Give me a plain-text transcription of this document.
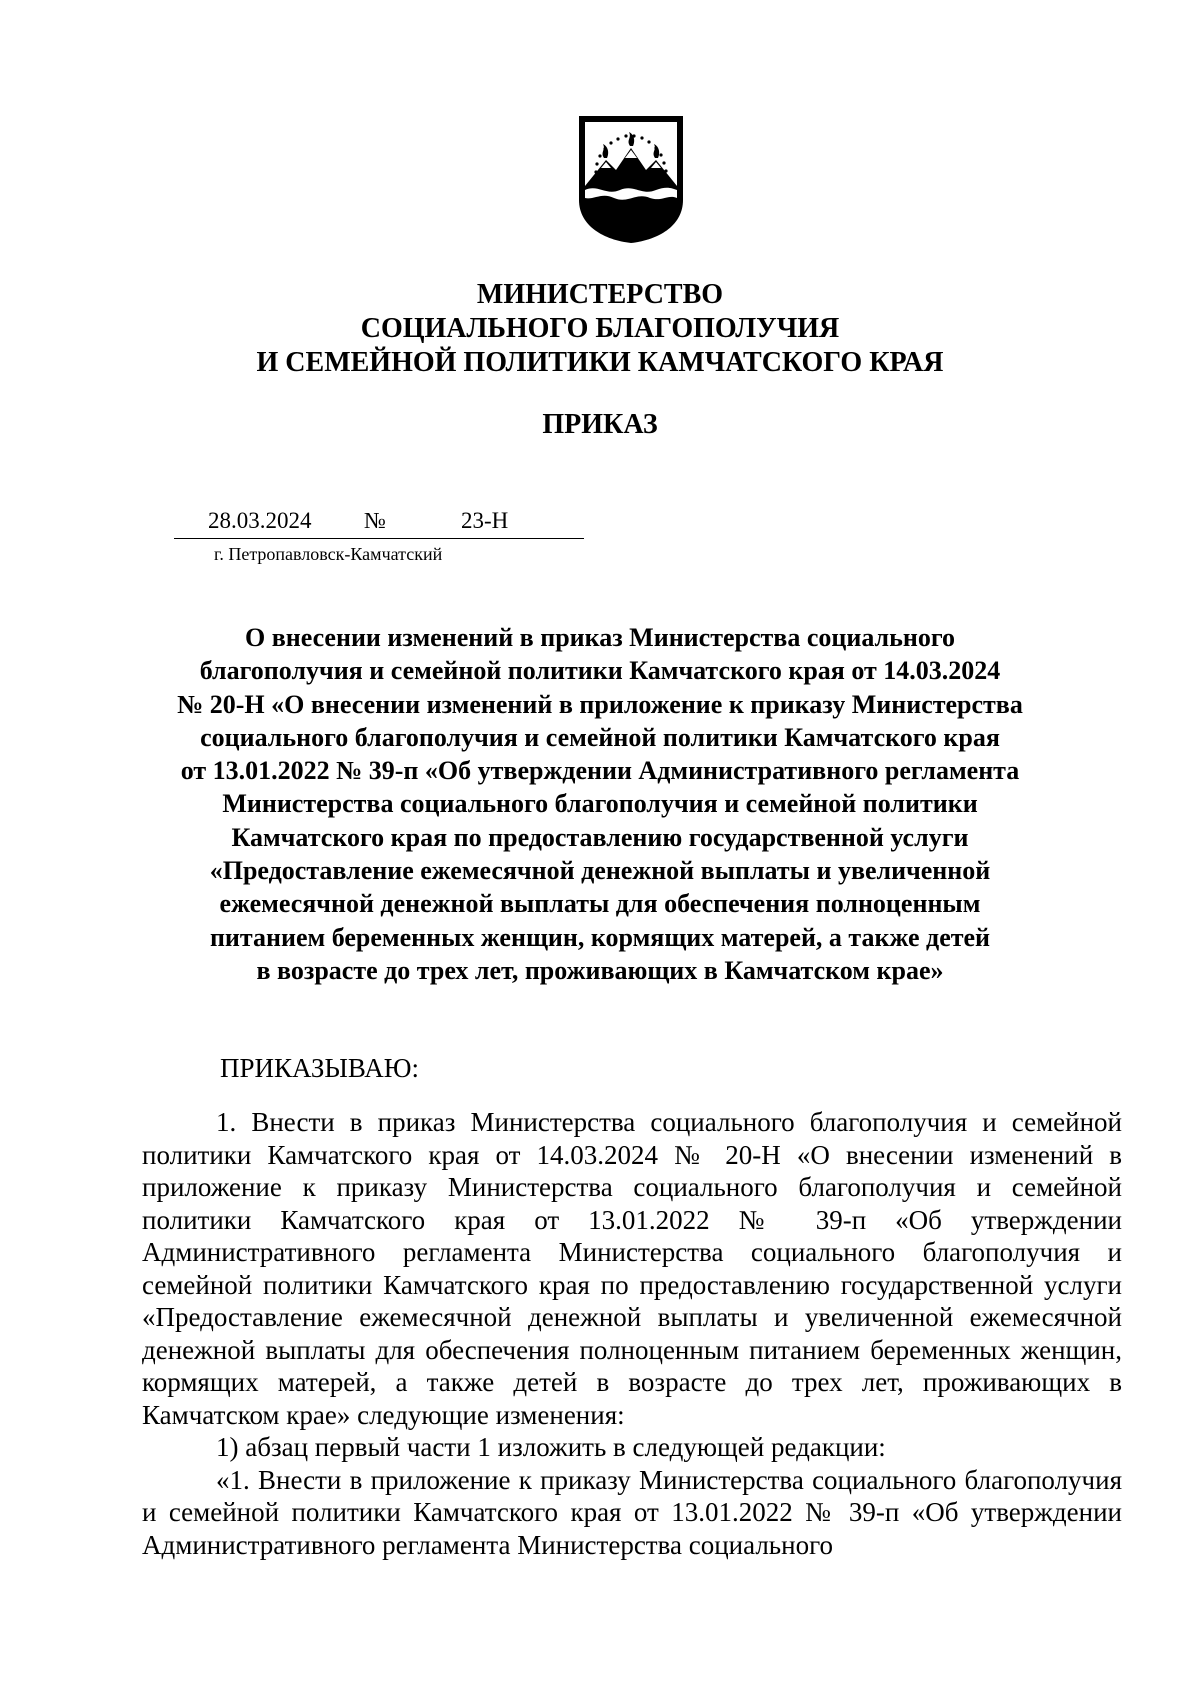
МИНИСТЕРСТВО
СОЦИАЛЬНОГО БЛАГОПОЛУЧИЯ
И СЕМЕЙНОЙ ПОЛИТИКИ КАМЧАТСКОГО КРАЯ
ПРИКАЗ
28.03.2024 №	23-Н
г. Петропавловск-Камчатский
О внесении изменений в приказ Министерства социального
благополучия и семейной политики Камчатского края от 14.03.2024
№ 20-Н «О внесении изменений в приложение к приказу Министерства
социального благополучия и семейной политики Камчатского края
от 13.01.2022 № 39-п «Об утверждении Административного регламента
Министерства социального благополучия и семейной политики
Камчатского края по предоставлению государственной услуги
«Предоставление ежемесячной денежной выплаты и увеличенной
ежемесячной денежной выплаты для обеспечения полноценным
питанием беременных женщин, кормящих матерей, а также детей
в возрасте до трех лет, проживающих в Камчатском крае»
ПРИКАЗЫВАЮ:

1. Внести в приказ Министерства социального благополучия и семейной политики Камчатского края от 14.03.2024 № 20-Н «О внесении изменений в приложение к приказу Министерства социального благополучия и семейной политики Камчатского края от 13.01.2022 № 39-п «Об утверждении Административного регламента Министерства социального благополучия и семейной политики Камчатского края по предоставлению государственной услуги «Предоставление ежемесячной денежной выплаты и увеличенной ежемесячной денежной выплаты для обеспечения полноценным питанием беременных женщин, кормящих матерей, а также детей в возрасте до трех лет, проживающих в Камчатском крае» следующие изменения:

1) абзац первый части 1 изложить в следующей редакции:

«1. Внести в приложение к приказу Министерства социального благополучия и семейной политики Камчатского края от 13.01.2022 № 39-п «Об утверждении Административного регламента Министерства социального
